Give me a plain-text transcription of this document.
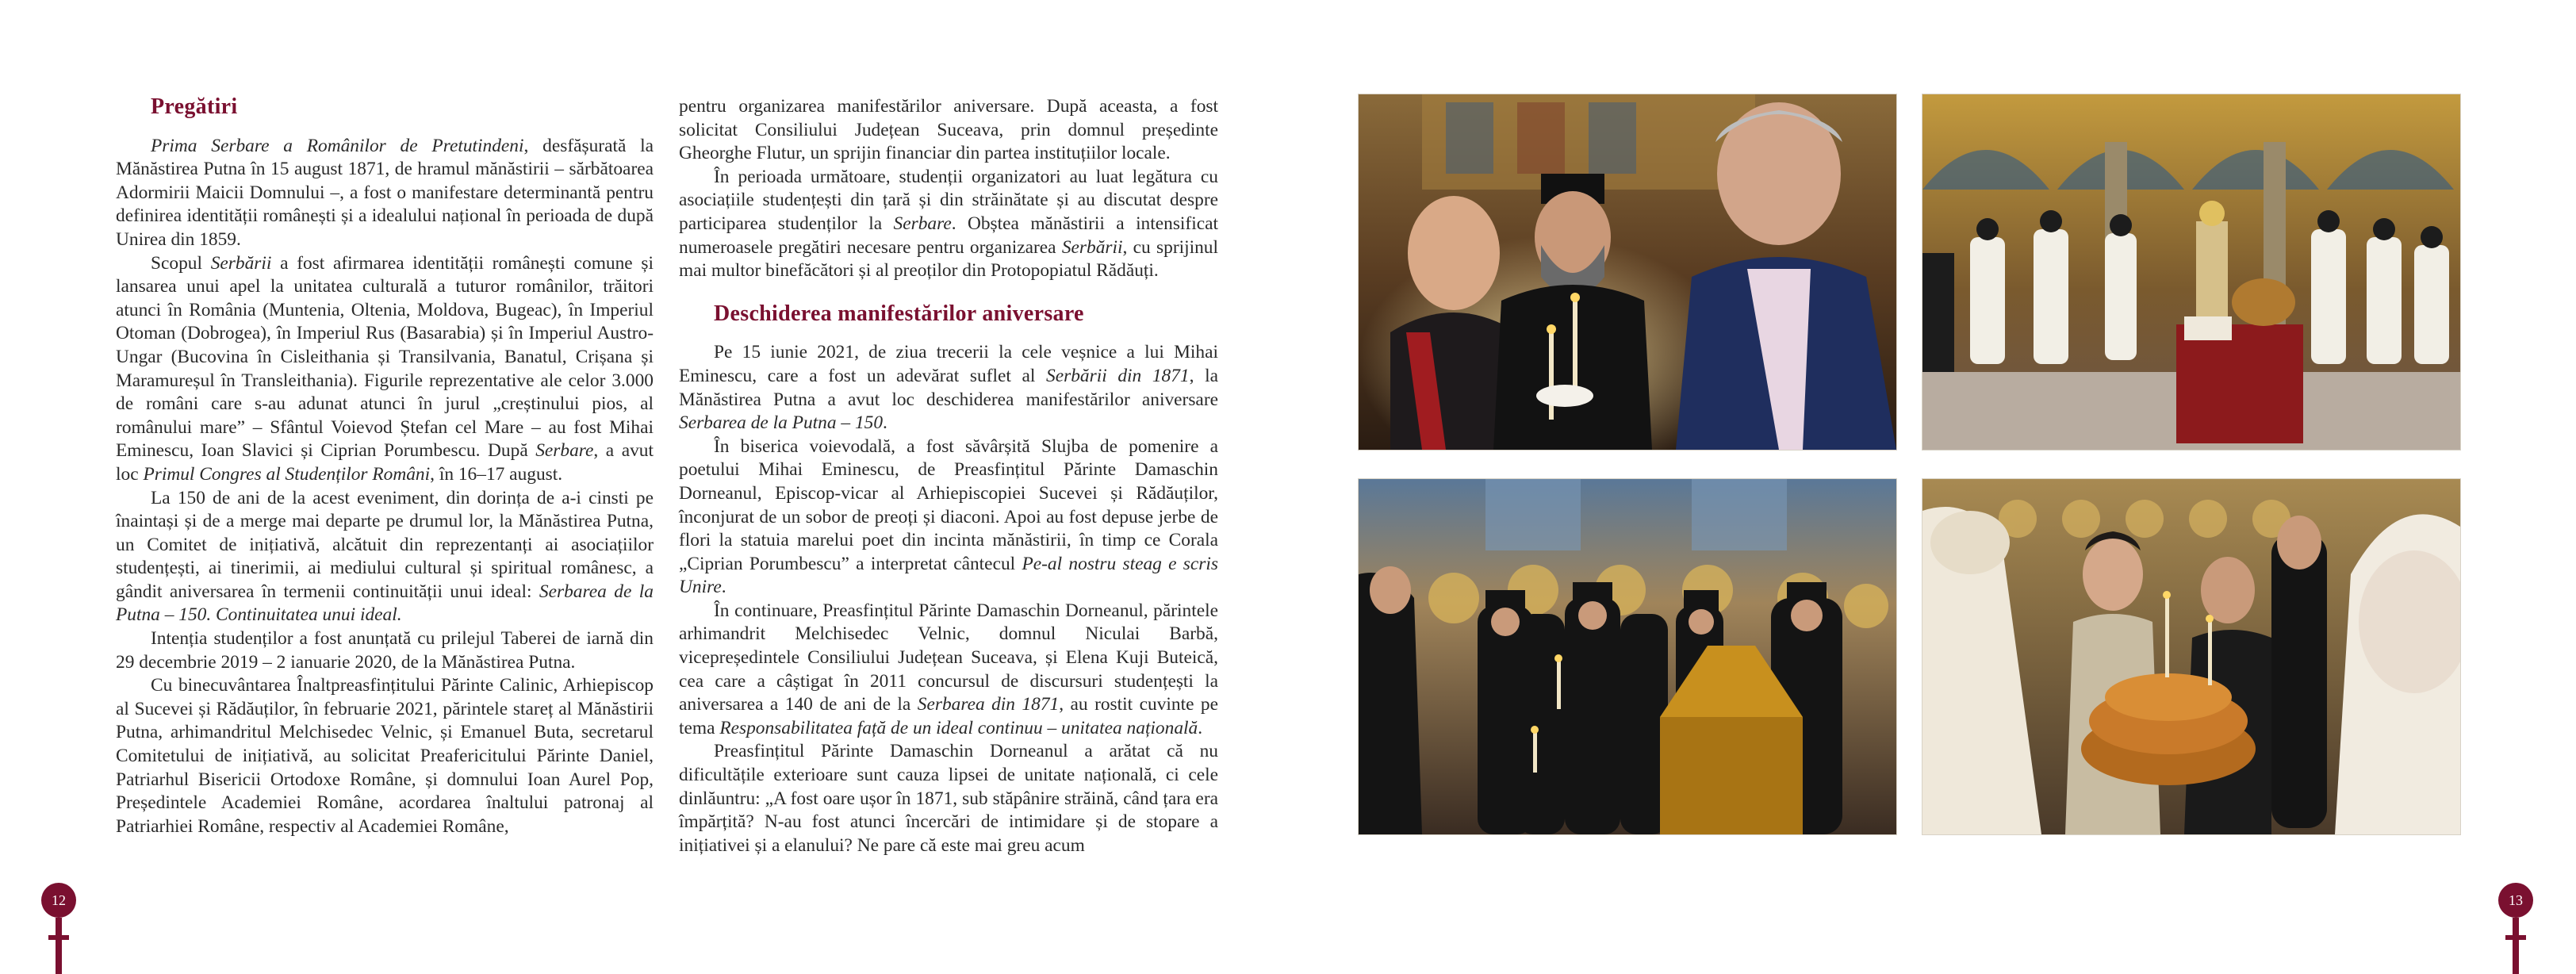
Pregătiri

Prima Serbare a Românilor de Pretutindeni, desfășurată la Mănăstirea Putna în 15 august 1871, de hramul mănăstirii – sărbătoarea Adormirii Maicii Domnului –, a fost o manifestare determinantă pentru definirea identității românești și a idealului național în perioada de după Unirea din 1859.

Scopul Serbării a fost afirmarea identității românești comune și lansarea unui apel la unitatea culturală a tuturor românilor, trăitori atunci în România (Muntenia, Oltenia, Moldova, Bugeac), în Imperiul Otoman (Dobrogea), în Imperiul Rus (Basarabia) și în Imperiul Austro-Ungar (Bucovina în Cisleithania și Transilvania, Banatul, Crișana și Maramureșul în Transleithania). Figurile reprezentative ale celor 3.000 de români care s-au adunat atunci în jurul „creștinului pios, al românului mare” – Sfântul Voievod Ștefan cel Mare – au fost Mihai Eminescu, Ioan Slavici și Ciprian Porumbescu. După Serbare, a avut loc Primul Congres al Studenților Români, în 16–17 august.

La 150 de ani de la acest eveniment, din dorința de a-i cinsti pe înaintași și de a merge mai departe pe drumul lor, la Mănăstirea Putna, un Comitet de inițiativă, alcătuit din reprezentanți ai asociațiilor studențești, ai tinerimii, ai mediului cultural și spiritual românesc, a gândit aniversarea în termenii continuității unui ideal: Serbarea de la Putna – 150. Continuitatea unui ideal.

Intenția studenților a fost anunțată cu prilejul Taberei de iarnă din 29 decembrie 2019 – 2 ianuarie 2020, de la Mănăstirea Putna.

Cu binecuvântarea Înaltpreasfințitului Părinte Calinic, Arhiepiscop al Sucevei și Rădăuților, în februarie 2021, părintele stareț al Mănăstirii Putna, arhimandritul Melchisedec Velnic, și Emanuel Buta, secretarul Comitetului de inițiativă, au solicitat Preafericitului Părinte Daniel, Patriarhul Bisericii Ortodoxe Române, și domnului Ioan Aurel Pop, Președintele Academiei Române, acordarea înaltului patronaj al Patriarhiei Române, respectiv al Academiei Române,

pentru organizarea manifestărilor aniversare. După aceasta, a fost solicitat Consiliului Județean Suceava, prin domnul președinte Gheorghe Flutur, un sprijin financiar din partea instituțiilor locale.

În perioada următoare, studenții organizatori au luat legătura cu asociațiile studențești din țară și din străinătate și au discutat despre participarea studenților la Serbare. Obștea mănăstirii a intensificat numeroasele pregătiri necesare pentru organizarea Serbării, cu sprijinul mai multor binefăcători și al preoților din Protopopiatul Rădăuți.

Deschiderea manifestărilor aniversare

Pe 15 iunie 2021, de ziua trecerii la cele veșnice a lui Mihai Eminescu, care a fost un adevărat suflet al Serbării din 1871, la Mănăstirea Putna a avut loc deschiderea manifestărilor aniversare Serbarea de la Putna – 150.

În biserica voievodală, a fost săvârșită Slujba de pomenire a poetului Mihai Eminescu, de Preasfințitul Părinte Damaschin Dorneanul, Episcop-vicar al Arhiepiscopiei Sucevei și Rădăuților, înconjurat de un sobor de preoți și diaconi. Apoi au fost depuse jerbe de flori la statuia marelui poet din incinta mănăstirii, în timp ce Corala „Ciprian Porumbescu” a interpretat cântecul Pe-al nostru steag e scris Unire.

În continuare, Preasfințitul Părinte Damaschin Dorneanul, părintele arhimandrit Melchisedec Velnic, domnul Niculai Barbă, vicepreședintele Consiliului Județean Suceava, și Elena Kuji Buteică, cea care a câștigat în 2011 concursul de discursuri studențești la aniversarea a 140 de ani de la Serbarea din 1871, au rostit cuvinte pe tema Responsabilitatea față de un ideal continuu – unitatea națională.

Preasfințitul Părinte Damaschin Dorneanul a arătat că nu dificultățile exterioare sunt cauza lipsei de unitate națională, ci cele dinlăuntru: „A fost oare ușor în 1871, sub stăpânire străină, când țara era împărțită? N-au fost atunci încercări de intimidare și de stopare a inițiativei și a elanului? Ne pare că este mai greu acum

12	13
